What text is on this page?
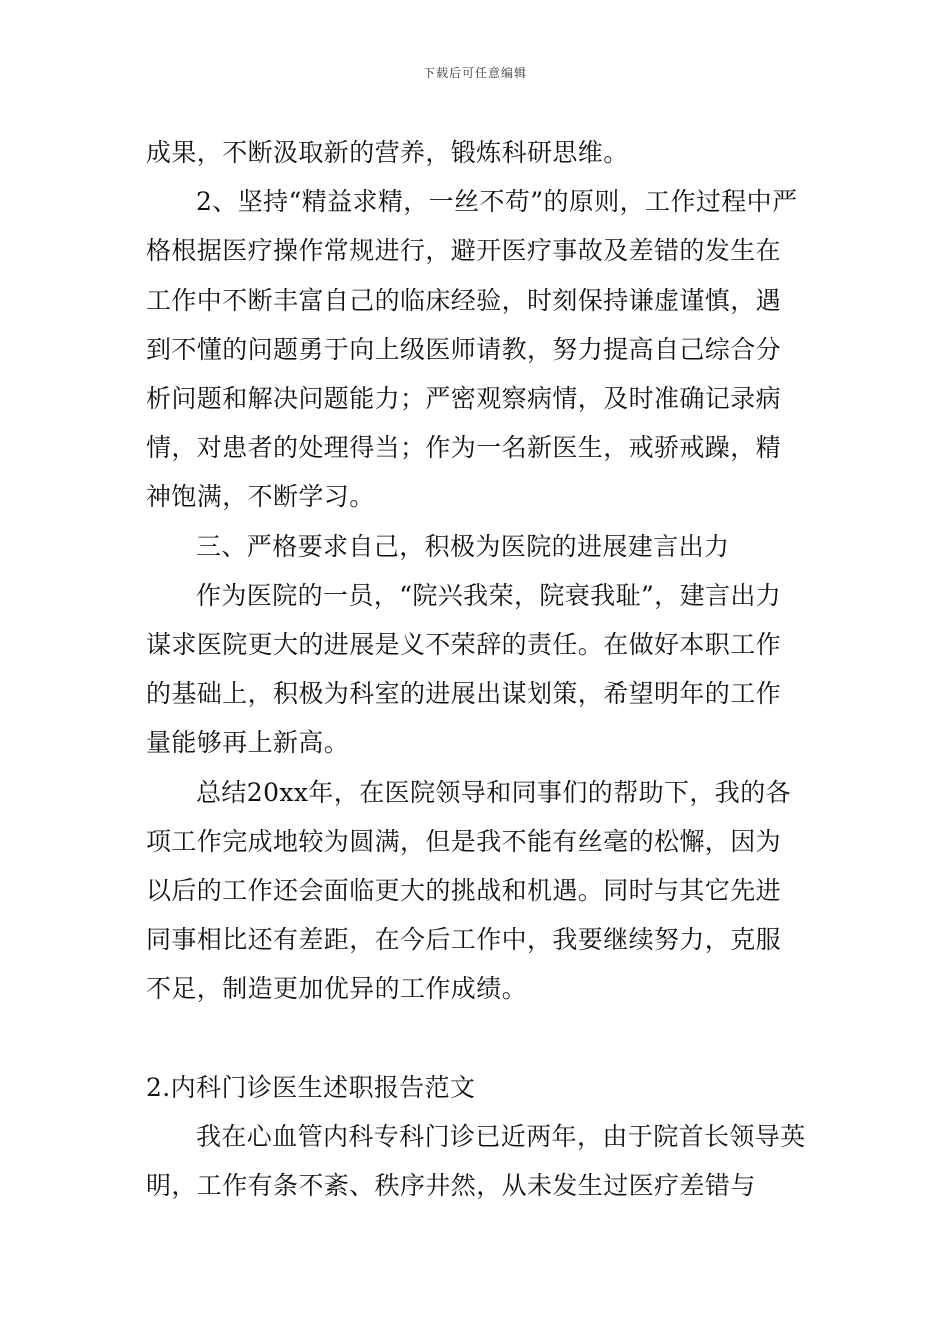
下载后可任意编辑

成果，不断汲取新的营养，锻炼科研思维。

2、坚持“精益求精，一丝不苟”的原则，工作过程中严格根据医疗操作常规进行，避开医疗事故及差错的发生在工作中不断丰富自己的临床经验，时刻保持谦虚谨慎，遇到不懂的问题勇于向上级医师请教，努力提高自己综合分析问题和解决问题能力；严密观察病情，及时准确记录病情，对患者的处理得当；作为一名新医生，戒骄戒躁，精神饱满，不断学习。

三、严格要求自己，积极为医院的进展建言出力

作为医院的一员，“院兴我荣，院衰我耻”，建言出力谋求医院更大的进展是义不荣辞的责任。在做好本职工作的基础上，积极为科室的进展出谋划策，希望明年的工作量能够再上新高。

总结20xx年，在医院领导和同事们的帮助下，我的各项工作完成地较为圆满，但是我不能有丝毫的松懈，因为以后的工作还会面临更大的挑战和机遇。同时与其它先进同事相比还有差距，在今后工作中，我要继续努力，克服不足，制造更加优异的工作成绩。

2.内科门诊医生述职报告范文

我在心血管内科专科门诊已近两年，由于院首长领导英明，工作有条不紊、秩序井然，从未发生过医疗差错与
